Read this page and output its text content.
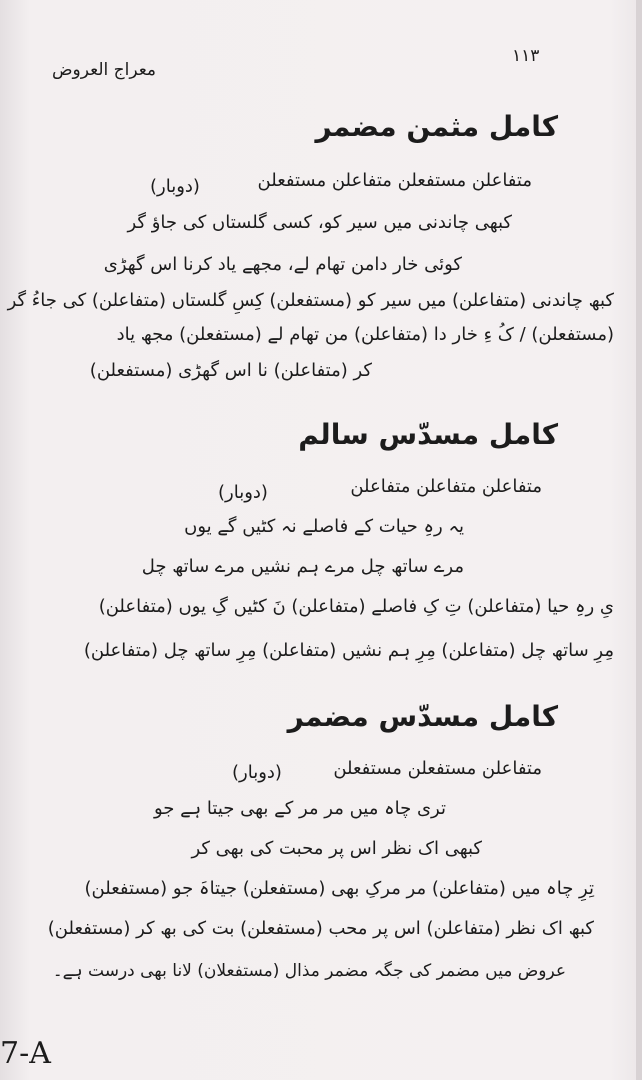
۱۱۳
معراج العروض
کامل مثمن مضمر
متفاعلن مستفعلن متفاعلن مستفعلن
(دوبار)
کبھی چاندنی میں سیر کو، کسی گلستاں کی جاؤ گر
کوئی خار دامن تھام لے، مجھے یاد کرنا اس گھڑی
کبھ چاندنی (متفاعلن) میں سیر کو (مستفعلن) کِسِ گلستاں (متفاعلن) کی جاءُ گر
(مستفعلن) / کُ ءِ خار دا (متفاعلن) من تھام لے (مستفعلن) مجھ یاد
کر (متفاعلن) نا اس گھڑی (مستفعلن)
کامل مسدّس سالم
متفاعلن متفاعلن متفاعلن
(دوبار)
یہ رہِ حیات کے فاصلے نہ کٹیں گے یوں
مرے ساتھ چل مرے ہم نشیں مرے ساتھ چل
یِ رہِ حیا (متفاعلن) تِ کِ فاصلے (متفاعلن) نَ کٹیں گِ یوں (متفاعلن)
مِرِ ساتھ چل (متفاعلن) مِرِ ہم نشیں (متفاعلن) مِرِ ساتھ چل (متفاعلن)
کامل مسدّس مضمر
متفاعلن مستفعلن مستفعلن
(دوبار)
تری چاہ میں مر مر کے بھی جیتا ہے جو
کبھی اک نظر اس پر محبت کی بھی کر
تِرِ چاہ میں (متفاعلن) مر مرکِ بھی (مستفعلن) جیتاہَ جو (مستفعلن)
کبھ اک نظر (متفاعلن) اس پر محب (مستفعلن) بت کی بھ کر (مستفعلن)
عروض میں مضمر کی جگہ مضمر مذال (مستفعلان) لانا بھی درست ہے۔
7-A
